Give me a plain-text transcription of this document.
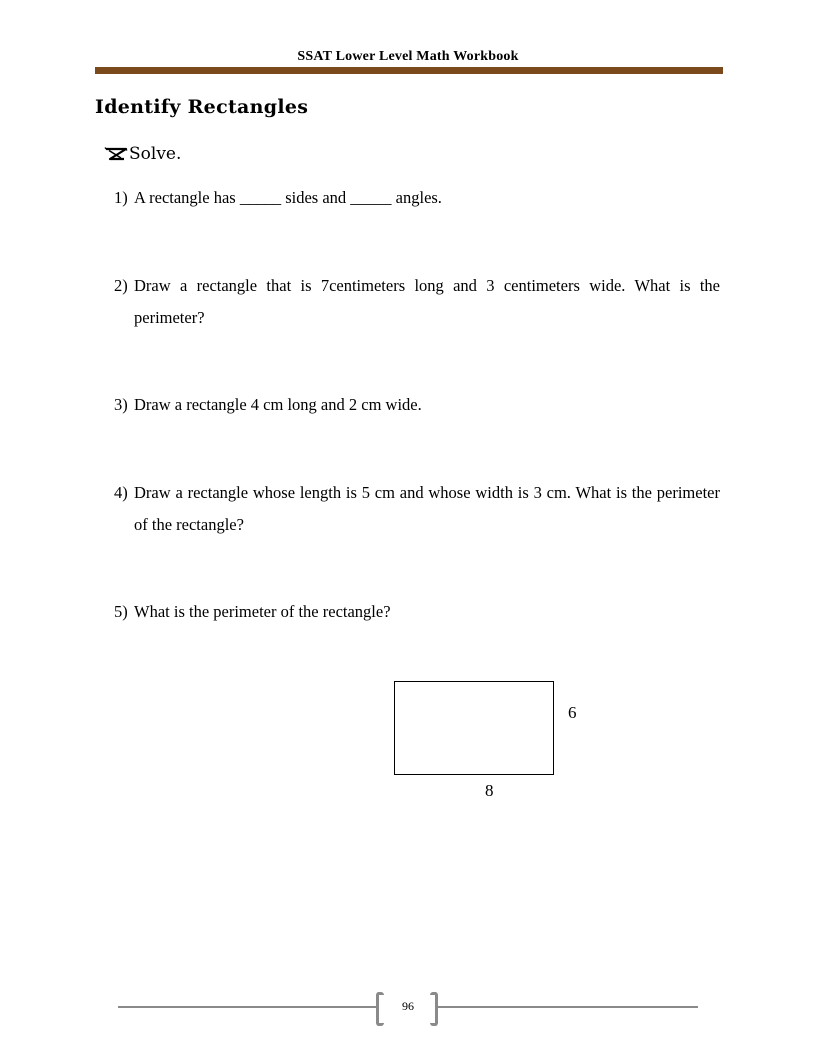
SSAT Lower Level Math Workbook
Identify Rectangles
Solve.
1) A rectangle has _____ sides and _____ angles.
2) Draw a rectangle that is 7centimeters long and 3 centimeters wide. What is the perimeter?
3) Draw a rectangle 4 cm long and 2 cm wide.
4) Draw a rectangle whose length is 5 cm and whose width is 3 cm. What is the perimeter of the rectangle?
5) What is the perimeter of the rectangle?
6
8
96
